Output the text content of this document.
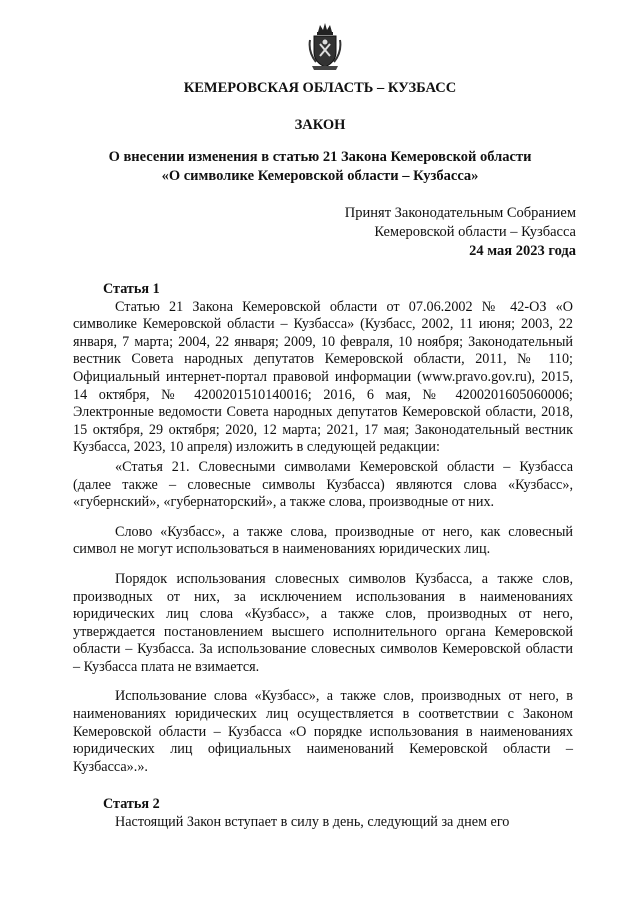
КЕМЕРОВСКАЯ ОБЛАСТЬ – КУЗБАСС
ЗАКОН
О внесении изменения в статью 21 Закона Кемеровской области
«О символике Кемеровской области – Кузбасса»
Принят Законодательным Собранием
Кемеровской области – Кузбасса
24 мая 2023 года
Статья 1

Статью 21 Закона Кемеровской области от 07.06.2002 № 42-ОЗ «О символике Кемеровской области – Кузбасса» (Кузбасс, 2002, 11 июня; 2003, 22 января, 7 марта; 2004, 22 января; 2009, 10 февраля, 10 ноября; Законодательный вестник Совета народных депутатов Кемеровской области, 2011, № 110; Официальный интернет-портал правовой информации (www.pravo.gov.ru), 2015, 14 октября, № 4200201510140016; 2016, 6 мая, № 4200201605060006; Электронные ведомости Совета народных депутатов Кемеровской области, 2018, 15 октября, 29 октября; 2020, 12 марта; 2021, 17 мая; Законодательный вестник Кузбасса, 2023, 10 апреля) изложить в следующей редакции:

«Статья 21. Словесными символами Кемеровской области – Кузбасса (далее также – словесные символы Кузбасса) являются слова «Кузбасс», «губернский», «губернаторский», а также слова, производные от них.

Слово «Кузбасс», а также слова, производные от него, как словесный символ не могут использоваться в наименованиях юридических лиц.

Порядок использования словесных символов Кузбасса, а также слов, производных от них, за исключением использования в наименованиях юридических лиц слова «Кузбасс», а также слов, производных от него, утверждается постановлением высшего исполнительного органа Кемеровской области – Кузбасса. За использование словесных символов Кемеровской области – Кузбасса плата не взимается.

Использование слова «Кузбасс», а также слов, производных от него, в наименованиях юридических лиц осуществляется в соответствии с Законом Кемеровской области – Кузбасса «О порядке использования в наименованиях юридических лиц официальных наименований Кемеровской области – Кузбасса».».

Статья 2

Настоящий Закон вступает в силу в день, следующий за днем его
